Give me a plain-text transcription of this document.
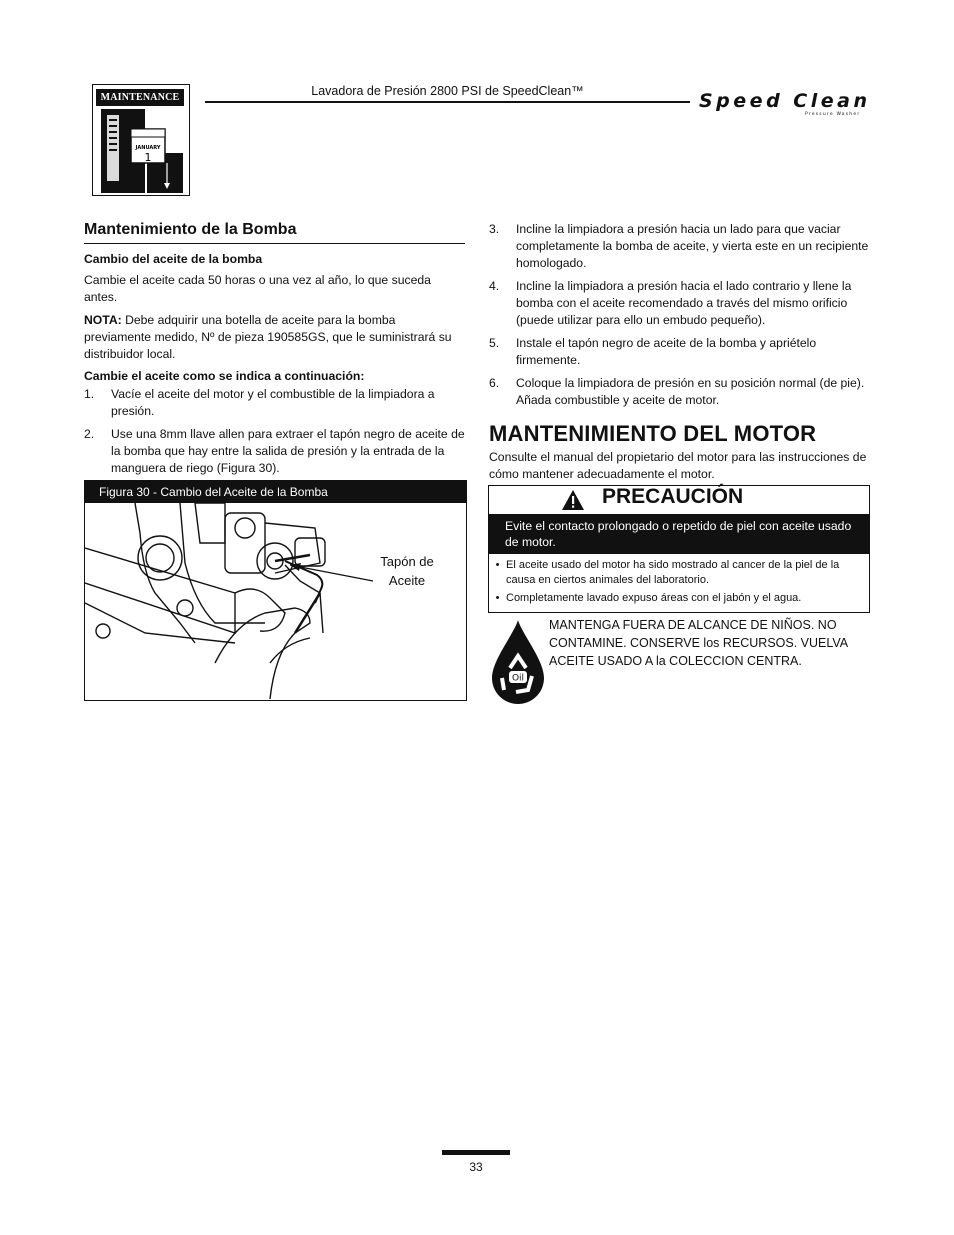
MAINTENANCE
JANUARY
1
Lavadora de Presión 2800 PSI de SpeedClean™	Speed Clean
Pressure Washer
Mantenimiento de la Bomba
Cambio del aceite de la bomba
Cambie el aceite cada 50 horas o una vez al año, lo que suceda antes.
NOTA: Debe adquirir una botella de aceite para la bomba previamente medido, Nº de pieza 190585GS, que le suministrará su distribuidor local.
Cambie el aceite como se indica a continuación:
1.	Vacíe el aceite del motor y el combustible de la limpiadora a presión.
2.	Use una 8mm llave allen para extraer el tapón negro de aceite de la bomba que hay entre la salida de presión y la entrada de la manguera de riego (Figura 30).
Figura 30 - Cambio del Aceite de la Bomba
Tapón de Aceite
3.	Incline la limpiadora a presión hacia un lado para que vaciar completamente la bomba de aceite, y vierta este en un recipiente homologado.
4.	Incline la limpiadora a presión hacia el lado contrario y llene la bomba con el aceite recomendado a través del mismo orificio (puede utilizar para ello un embudo pequeño).
5.	Instale el tapón negro de aceite de la bomba y apriételo firmemente.
6.	Coloque la limpiadora de presión en su posición normal (de pie). Añada combustible y aceite de motor.
MANTENIMIENTO DEL MOTOR
Consulte el manual del propietario del motor para las instrucciones de cómo mantener adecuadamente el motor.
PRECAUCIÓN
Evite el contacto prolongado o repetido de piel con aceite usado de motor.
• El aceite usado del motor ha sido mostrado al cancer de la piel de la causa en ciertos animales del laboratorio.
• Completamente lavado expuso áreas con el jabón y el agua.
Oil
MANTENGA FUERA DE ALCANCE DE NIÑOS. NO CONTAMINE. CONSERVE los RECURSOS. VUELVA ACEITE USADO A la COLECCION CENTRA.
33
